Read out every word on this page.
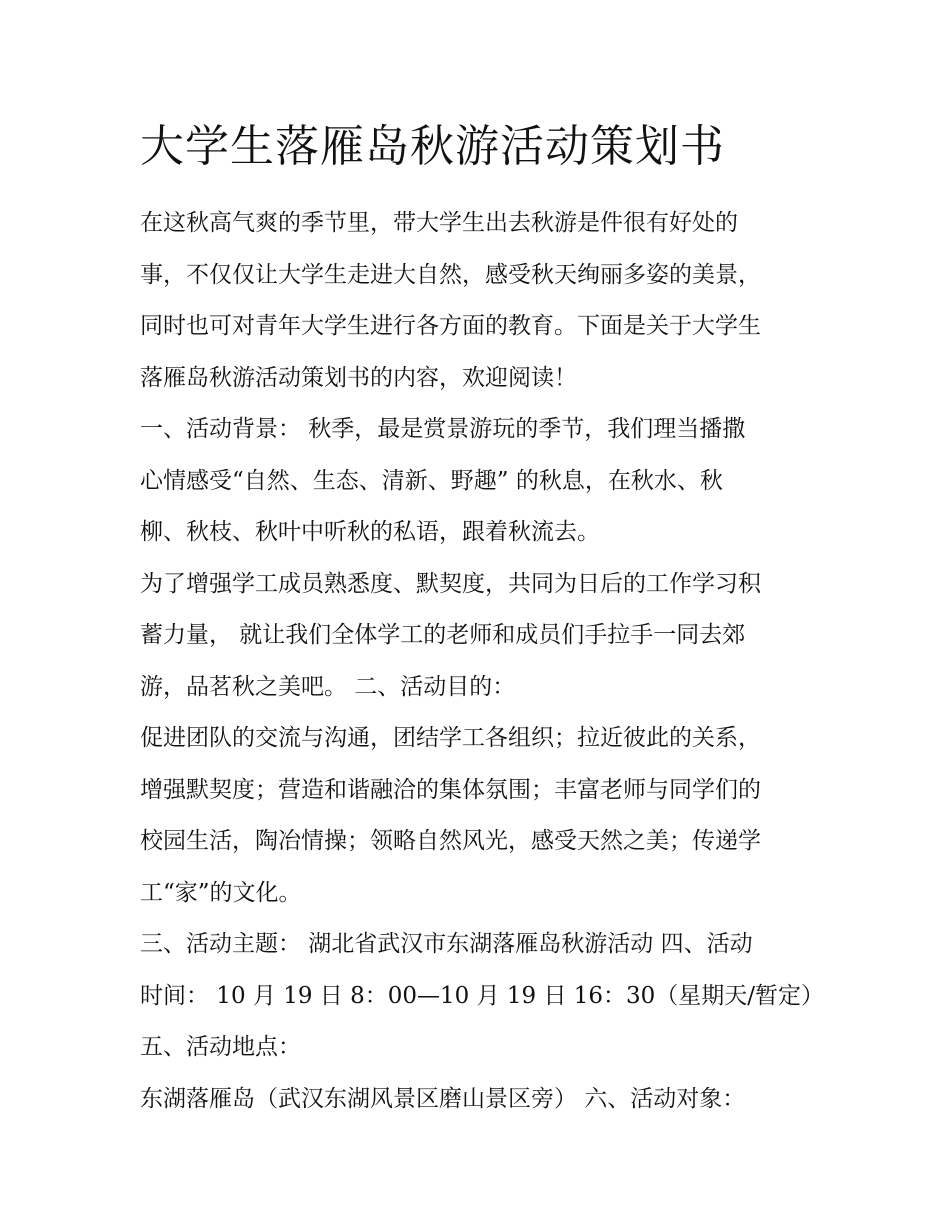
大学生落雁岛秋游活动策划书
在这秋高气爽的季节里，带大学生出去秋游是件很有好处的
事，不仅仅让大学生走进大自然，感受秋天绚丽多姿的美景，
同时也可对青年大学生进行各方面的教育。下面是关于大学生
落雁岛秋游活动策划书的内容，欢迎阅读！
一、活动背景： 秋季，最是赏景游玩的季节，我们理当播撒
心情感受“自然、生态、清新、野趣” 的秋息，在秋水、秋
柳、秋枝、秋叶中听秋的私语，跟着秋流去。
为了增强学工成员熟悉度、默契度，共同为日后的工作学习积
蓄力量， 就让我们全体学工的老师和成员们手拉手一同去郊
游，品茗秋之美吧。 二、活动目的：
促进团队的交流与沟通，团结学工各组织；拉近彼此的关系，
增强默契度；营造和谐融洽的集体氛围；丰富老师与同学们的
校园生活，陶冶情操；领略自然风光，感受天然之美；传递学
工“家”的文化。
三、活动主题： 湖北省武汉市东湖落雁岛秋游活动 四、活动
时间： 10 月 19 日 8：00—10 月 19 日 16：30（星期天/暂定）
五、活动地点：
东湖落雁岛（武汉东湖风景区磨山景区旁） 六、活动对象：
